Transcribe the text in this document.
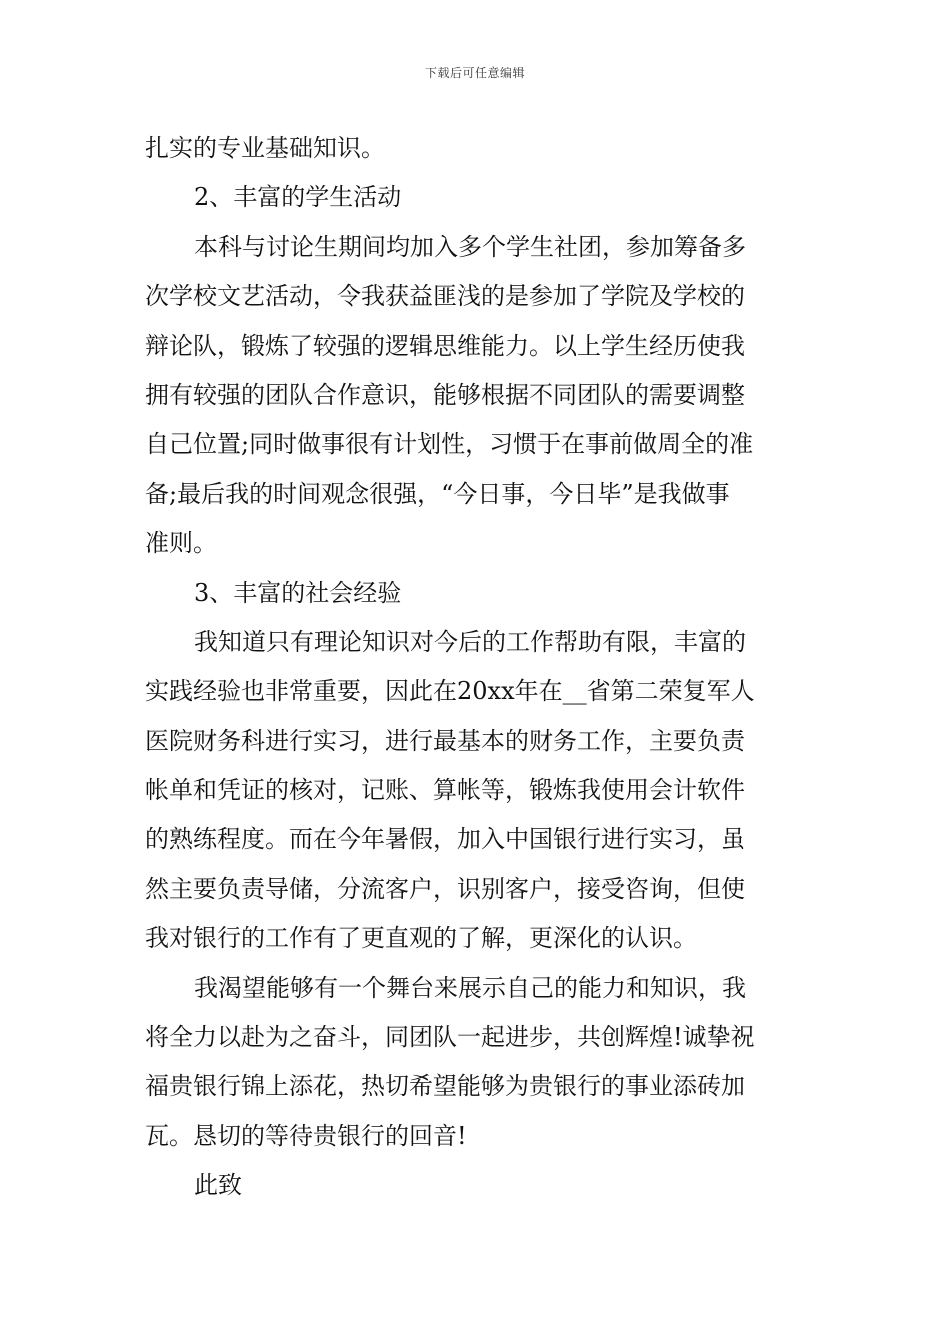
下载后可任意编辑
扎实的专业基础知识。
2、丰富的学生活动
本科与讨论生期间均加入多个学生社团，参加筹备多
次学校文艺活动，令我获益匪浅的是参加了学院及学校的
辩论队，锻炼了较强的逻辑思维能力。以上学生经历使我
拥有较强的团队合作意识，能够根据不同团队的需要调整
自己位置;同时做事很有计划性，习惯于在事前做周全的准
备;最后我的时间观念很强，“今日事，今日毕”是我做事
准则。
3、丰富的社会经验
我知道只有理论知识对今后的工作帮助有限，丰富的
实践经验也非常重要，因此在20xx年在__省第二荣复军人
医院财务科进行实习，进行最基本的财务工作，主要负责
帐单和凭证的核对，记账、算帐等，锻炼我使用会计软件
的熟练程度。而在今年暑假，加入中国银行进行实习，虽
然主要负责导储，分流客户，识别客户，接受咨询，但使
我对银行的工作有了更直观的了解，更深化的认识。
我渴望能够有一个舞台来展示自己的能力和知识，我
将全力以赴为之奋斗，同团队一起进步，共创辉煌!诚挚祝
福贵银行锦上添花，热切希望能够为贵银行的事业添砖加
瓦。恳切的等待贵银行的回音!
此致
